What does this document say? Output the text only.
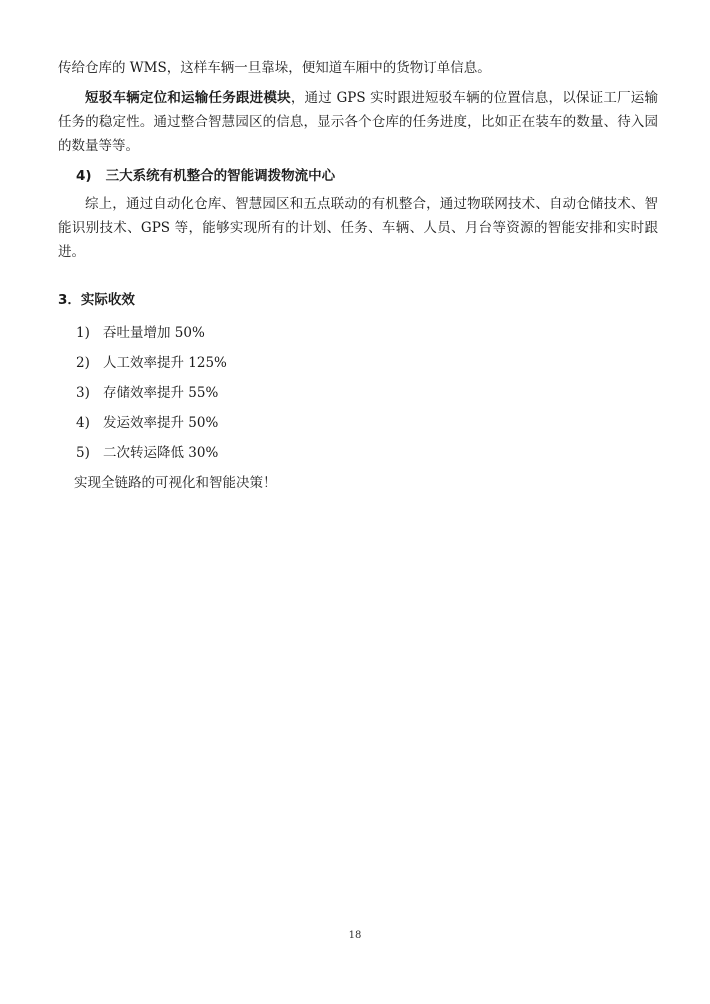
传给仓库的 WMS，这样车辆一旦靠垛，便知道车厢中的货物订单信息。

短驳车辆定位和运输任务跟进模块，通过 GPS 实时跟进短驳车辆的位置信息，以保证工厂运输任务的稳定性。通过整合智慧园区的信息，显示各个仓库的任务进度，比如正在装车的数量、待入园的数量等等。

4) 三大系统有机整合的智能调拨物流中心

综上，通过自动化仓库、智慧园区和五点联动的有机整合，通过物联网技术、自动仓储技术、智能识别技术、GPS 等，能够实现所有的计划、任务、车辆、人员、月台等资源的智能安排和实时跟进。

3．实际收效
1) 吞吐量增加 50%
2) 人工效率提升 125%
3) 存储效率提升 55%
4) 发运效率提升 50%
5) 二次转运降低 30%
实现全链路的可视化和智能决策！
18
